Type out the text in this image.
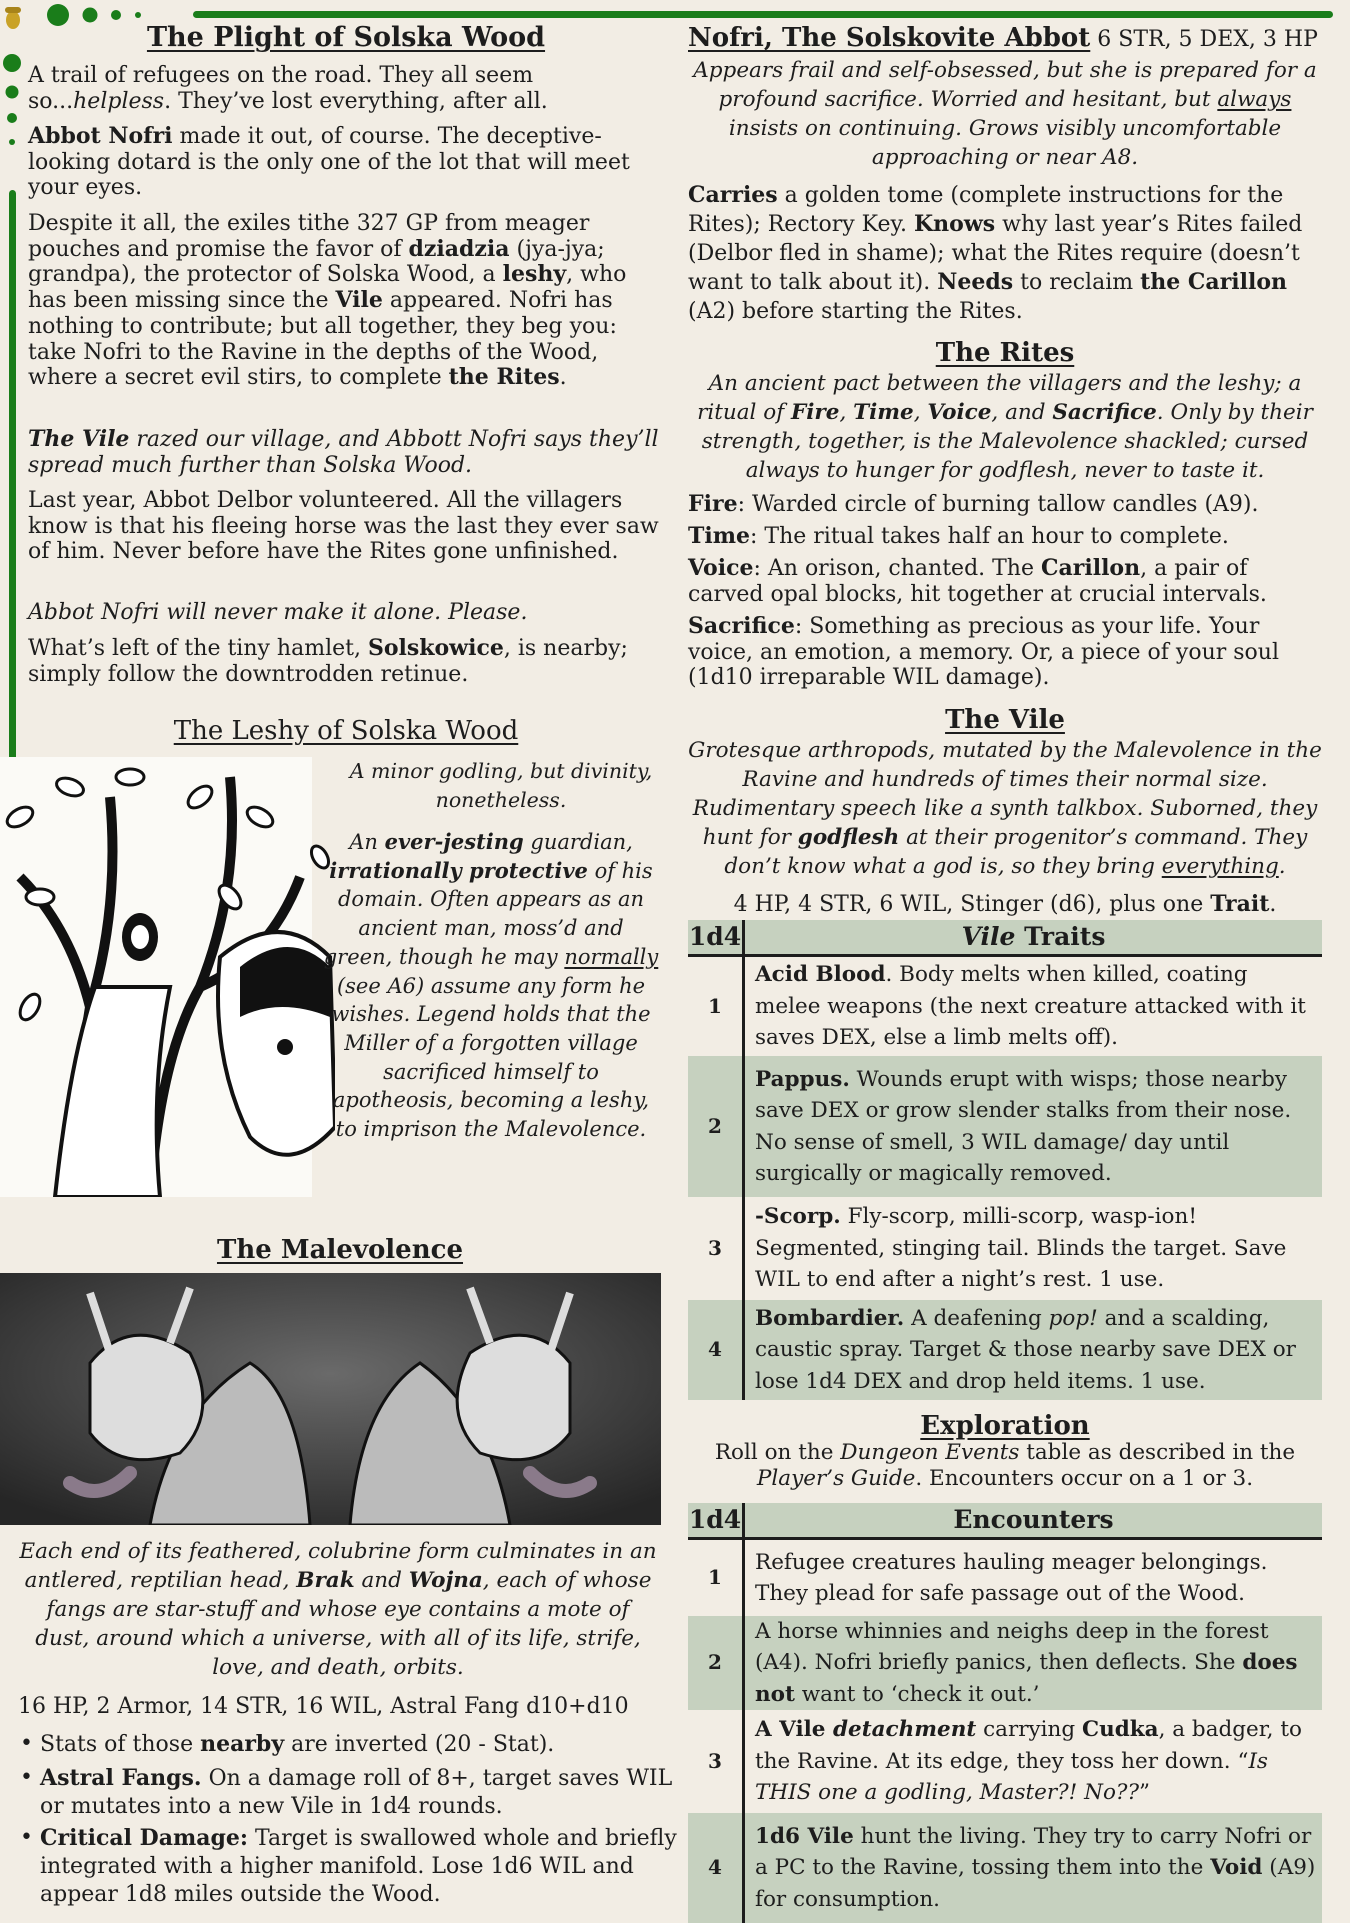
The Plight of Solska Wood
A trail of refugees on the road. They all seem so...helpless. They’ve lost everything, after all.
Abbot Nofri made it out, of course. The deceptive-looking dotard is the only one of the lot that will meet your eyes.
Despite it all, the exiles tithe 327 GP from meager pouches and promise the favor of dziadzia (jya-jya; grandpa), the protector of Solska Wood, a leshy, who has been missing since the Vile appeared. Nofri has nothing to contribute; but all together, they beg you: take Nofri to the Ravine in the depths of the Wood, where a secret evil stirs, to complete the Rites.
The Vile razed our village, and Abbott Nofri says they’ll spread much further than Solska Wood.
Last year, Abbot Delbor volunteered. All the villagers know is that his fleeing horse was the last they ever saw of him. Never before have the Rites gone unfinished.
Abbot Nofri will never make it alone. Please.
What’s left of the tiny hamlet, Solskowice, is nearby; simply follow the downtrodden retinue.
The Leshy of Solska Wood
A minor godling, but divinity, nonetheless.
An ever-jesting guardian, irrationally protective of his domain. Often appears as an ancient man, moss’d and green, though he may normally (see A6) assume any form he wishes. Legend holds that the Miller of a forgotten village sacrificed himself to apotheosis, becoming a leshy, to imprison the Malevolence.
The Malevolence
Each end of its feathered, colubrine form culminates in an antlered, reptilian head, Brak and Wojna, each of whose fangs are star-stuff and whose eye contains a mote of dust, around which a universe, with all of its life, strife, love, and death, orbits.
16 HP, 2 Armor, 14 STR, 16 WIL, Astral Fang d10+d10
• Stats of those nearby are inverted (20 - Stat).
• Astral Fangs. On a damage roll of 8+, target saves WIL or mutates into a new Vile in 1d4 rounds.
• Critical Damage: Target is swallowed whole and briefly integrated with a higher manifold. Lose 1d6 WIL and appear 1d8 miles outside the Wood.
Nofri, The Solskovite Abbot 6 STR, 5 DEX, 3 HP
Appears frail and self-obsessed, but she is prepared for a profound sacrifice. Worried and hesitant, but always insists on continuing. Grows visibly uncomfortable approaching or near A8.
Carries a golden tome (complete instructions for the Rites); Rectory Key. Knows why last year’s Rites failed (Delbor fled in shame); what the Rites require (doesn’t want to talk about it). Needs to reclaim the Carillon (A2) before starting the Rites.
The Rites
An ancient pact between the villagers and the leshy; a ritual of Fire, Time, Voice, and Sacrifice. Only by their strength, together, is the Malevolence shackled; cursed always to hunger for godflesh, never to taste it.
Fire: Warded circle of burning tallow candles (A9).
Time: The ritual takes half an hour to complete.
Voice: An orison, chanted. The Carillon, a pair of carved opal blocks, hit together at crucial intervals.
Sacrifice: Something as precious as your life. Your voice, an emotion, a memory. Or, a piece of your soul (1d10 irreparable WIL damage).
The Vile
Grotesque arthropods, mutated by the Malevolence in the Ravine and hundreds of times their normal size. Rudimentary speech like a synth talkbox. Suborned, they hunt for godflesh at their progenitor’s command. They don’t know what a god is, so they bring everything.
4 HP, 4 STR, 6 WIL, Stinger (d6), plus one Trait.
1d4	Vile Traits
1
Acid Blood. Body melts when killed, coating melee weapons (the next creature attacked with it saves DEX, else a limb melts off).
2
Pappus. Wounds erupt with wisps; those nearby save DEX or grow slender stalks from their nose. No sense of smell, 3 WIL damage/ day until surgically or magically removed.
3
-Scorp. Fly-scorp, milli-scorp, wasp-ion! Segmented, stinging tail. Blinds the target. Save WIL to end after a night’s rest. 1 use.
4
Bombardier. A deafening pop! and a scalding, caustic spray. Target & those nearby save DEX or lose 1d4 DEX and drop held items. 1 use.
Exploration
Roll on the Dungeon Events table as described in the Player’s Guide. Encounters occur on a 1 or 3.
1d4	Encounters
1
Refugee creatures hauling meager belongings. They plead for safe passage out of the Wood.
2
A horse whinnies and neighs deep in the forest (A4). Nofri briefly panics, then deflects. She does not want to ‘check it out.’
3
A Vile detachment carrying Cudka, a badger, to the Ravine. At its edge, they toss her down. “Is THIS one a godling, Master?! No??”
4
1d6 Vile hunt the living. They try to carry Nofri or a PC to the Ravine, tossing them into the Void (A9) for consumption.
